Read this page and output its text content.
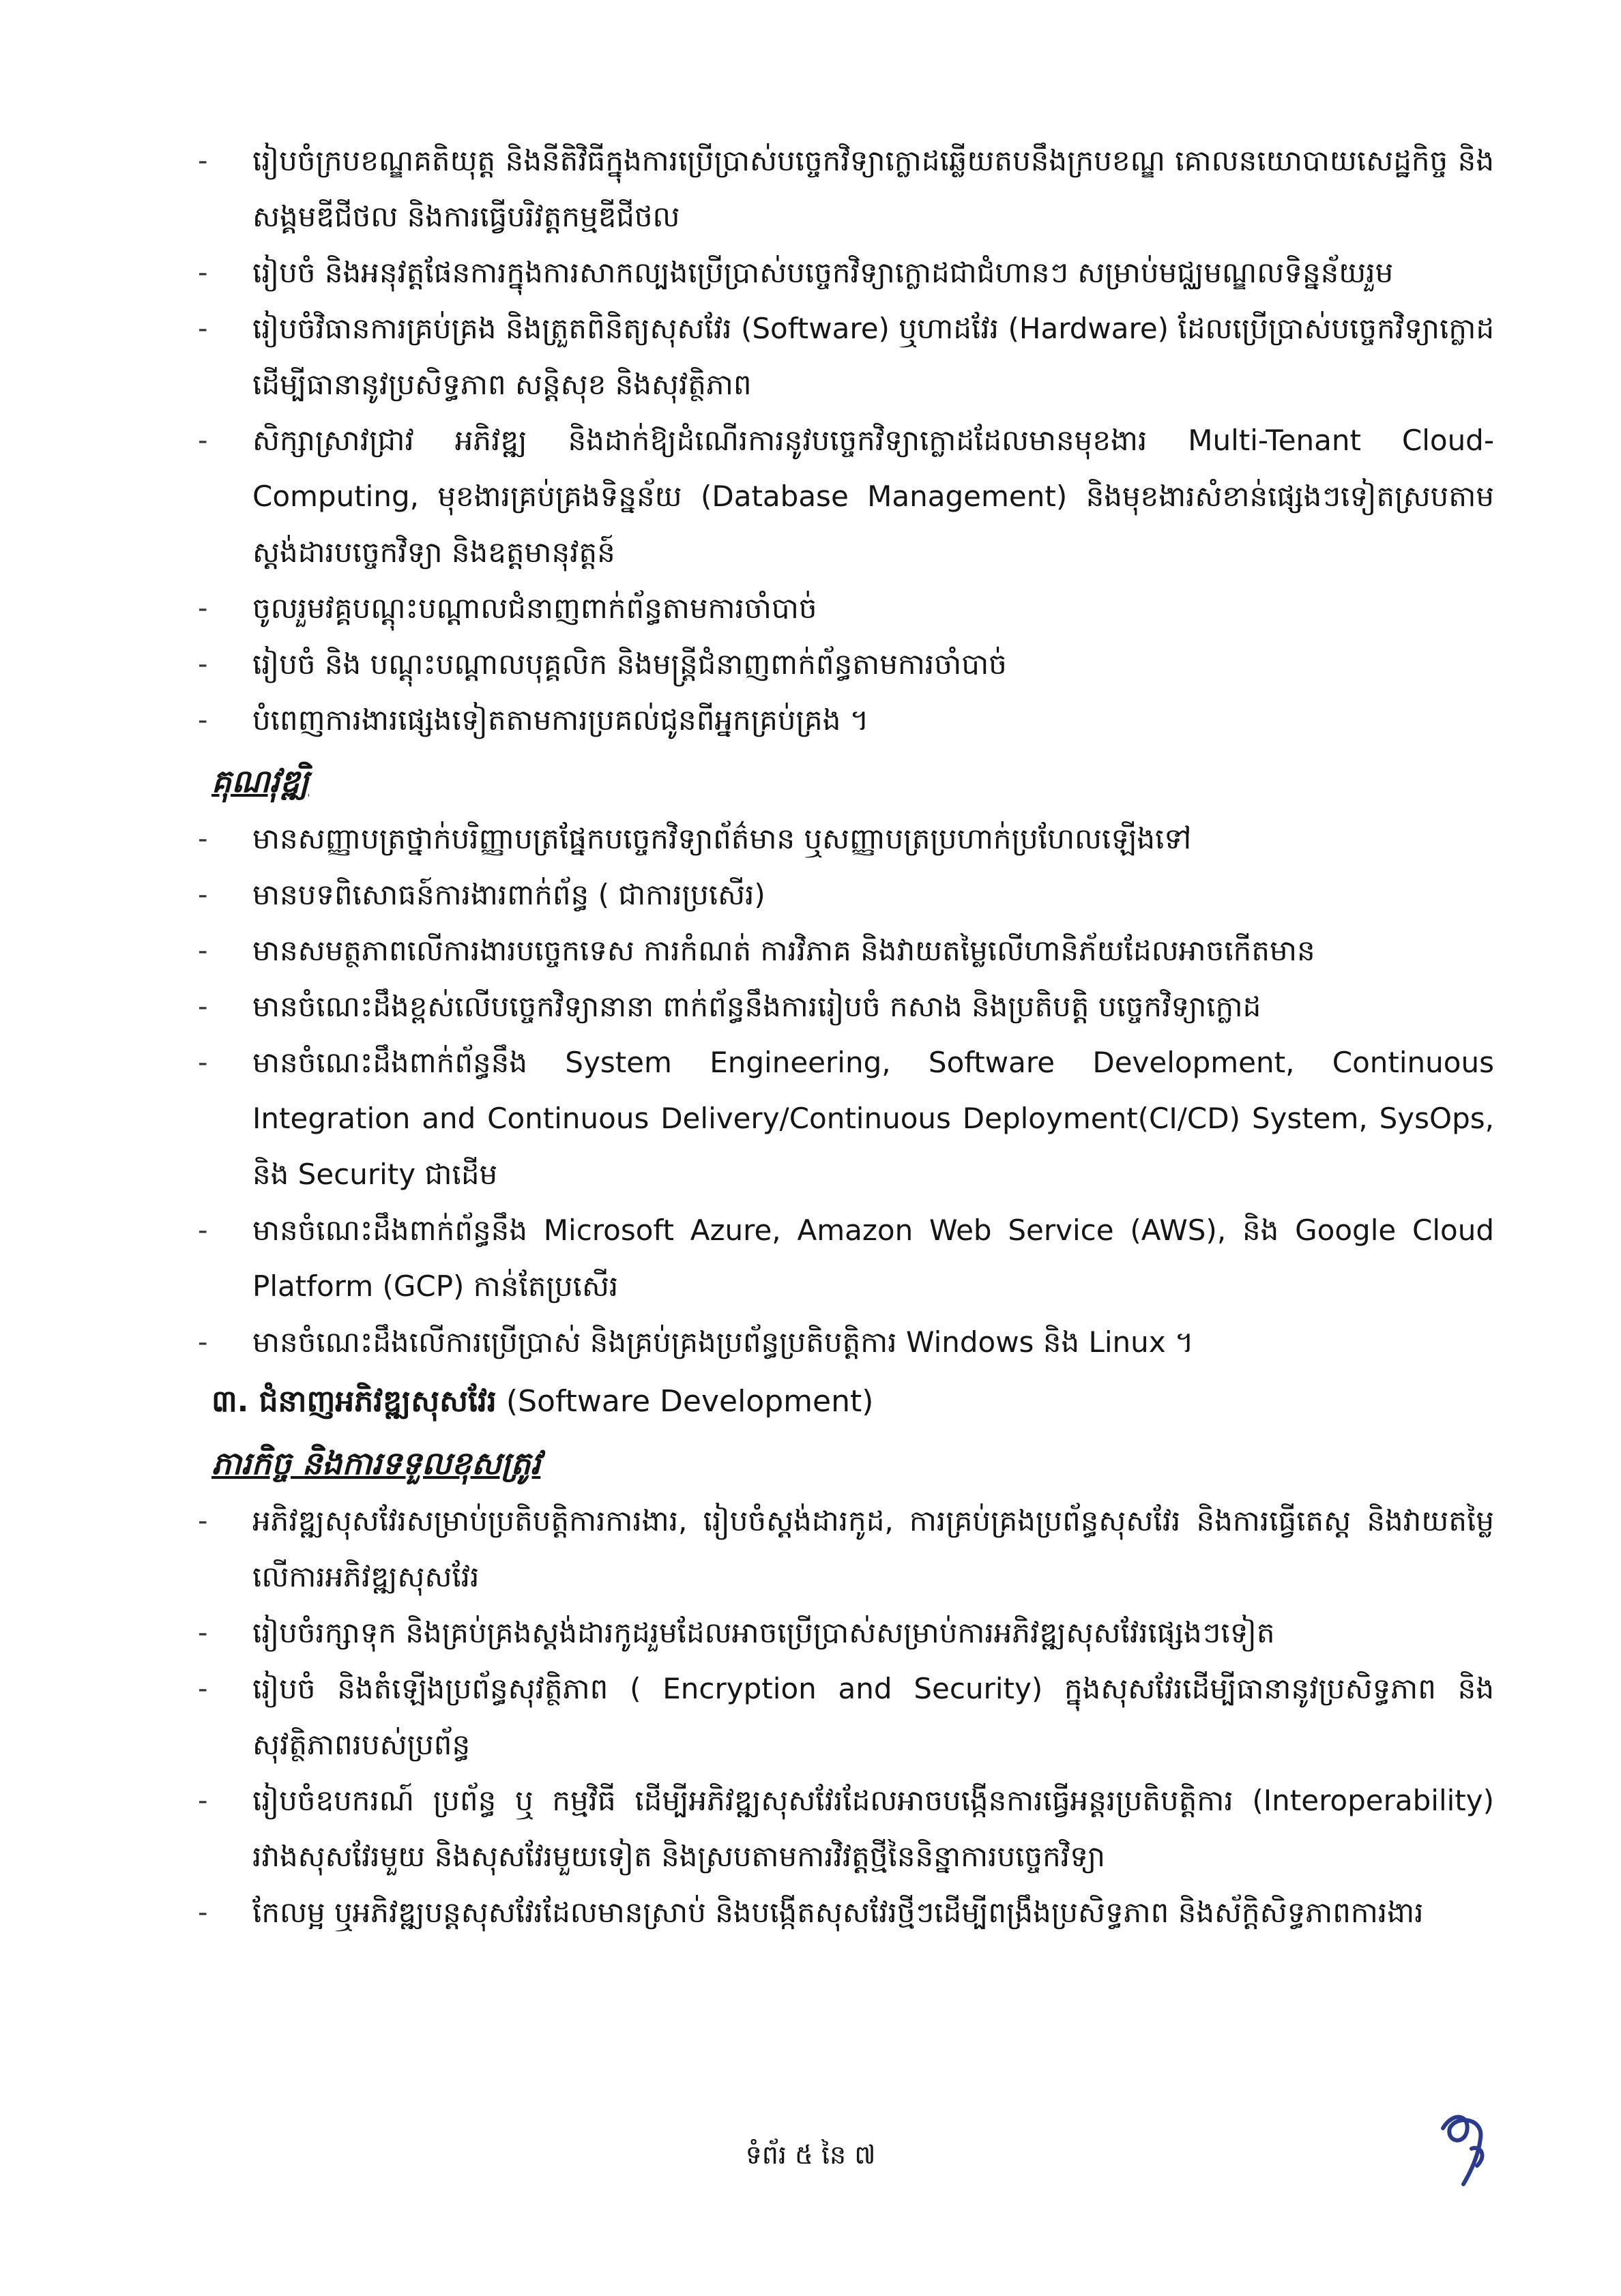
-	រៀបចំក្របខណ្ឌគតិយុត្ត និងនីតិវិធីក្នុងការប្រើប្រាស់បច្ចេកវិទ្យាក្លោដឆ្លើយតបនឹងក្របខណ្ឌ គោលនយោបាយសេដ្ឋកិច្ច និងសង្គមឌីជីថល និងការធ្វើបរិវត្តកម្មឌីជីថល
-	រៀបចំ និងអនុវត្តផែនការក្នុងការសាកល្បងប្រើប្រាស់បច្ចេកវិទ្យាក្លោដជាជំហានៗ សម្រាប់មជ្ឈមណ្ឌលទិន្នន័យរួម
-	រៀបចំវិធានការគ្រប់គ្រង និងត្រួតពិនិត្យសុសវែរ (Software) ឬហាដវែរ (Hardware) ដែលប្រើប្រាស់បច្ចេកវិទ្យាក្លោដ ដើម្បីធានានូវប្រសិទ្ធភាព សន្តិសុខ និងសុវត្ថិភាព
-	សិក្សាស្រាវជ្រាវ អភិវឌ្ឍ និងដាក់ឱ្យដំណើរការនូវបច្ចេកវិទ្យាក្លោដដែលមានមុខងារ Multi-Tenant Cloud-Computing, មុខងារគ្រប់គ្រងទិន្នន័យ (Database Management) និងមុខងារសំខាន់ផ្សេងៗទៀតស្របតាមស្តង់ដារបច្ចេកវិទ្យា និងឧត្តមានុវត្តន៍
-	ចូលរួមវគ្គបណ្តុះបណ្តាលជំនាញពាក់ព័ន្ធតាមការចាំបាច់
-	រៀបចំ និង បណ្តុះបណ្តាលបុគ្គលិក និងមន្ត្រីជំនាញពាក់ព័ន្ធតាមការចាំបាច់
-	បំពេញការងារផ្សេងទៀតតាមការប្រគល់ជូនពីអ្នកគ្រប់គ្រង ។
គុណវុឌ្ឍិ
-	មានសញ្ញាបត្រថ្នាក់បរិញ្ញាបត្រផ្នែកបច្ចេកវិទ្យាព័ត៌មាន ឬសញ្ញាបត្រប្រហាក់ប្រហែលឡើងទៅ
-	មានបទពិសោធន៍ការងារពាក់ព័ន្ធ ( ជាការប្រសើរ)
-	មានសមត្ថភាពលើការងារបច្ចេកទេស ការកំណត់ ការវិភាគ និងវាយតម្លៃលើហានិភ័យដែលអាចកើតមាន
-	មានចំណេះដឹងខ្ពស់លើបច្ចេកវិទ្យានានា ពាក់ព័ន្ធនឹងការរៀបចំ កសាង និងប្រតិបត្តិ បច្ចេកវិទ្យាក្លោដ
-	មានចំណេះដឹងពាក់ព័ន្ធនឹង System Engineering, Software Development, Continuous Integration and Continuous Delivery/Continuous Deployment(CI/CD) System, SysOps, និង Security ជាដើម
-	មានចំណេះដឹងពាក់ព័ន្ធនឹង Microsoft Azure, Amazon Web Service (AWS), និង Google Cloud Platform (GCP) កាន់តែប្រសើរ
-	មានចំណេះដឹងលើការប្រើប្រាស់ និងគ្រប់គ្រងប្រព័ន្ធប្រតិបត្តិការ Windows និង Linux ។
៣. ជំនាញអភិវឌ្ឍសុសវែរ (Software Development)
ភារកិច្ច និងការទទួលខុសត្រូវ
-	អភិវឌ្ឍសុសវែរសម្រាប់ប្រតិបត្តិការការងារ, រៀបចំស្តង់ដារកូដ, ការគ្រប់គ្រងប្រព័ន្ធសុសវែរ និងការធ្វើតេស្ត និងវាយតម្លៃលើការអភិវឌ្ឍសុសវែរ
-	រៀបចំរក្សាទុក និងគ្រប់គ្រងស្តង់ដារកូដរួមដែលអាចប្រើប្រាស់សម្រាប់ការអភិវឌ្ឍសុសវែរផ្សេងៗទៀត
-	រៀបចំ និងតំឡើងប្រព័ន្ធសុវត្ថិភាព ( Encryption and Security) ក្នុងសុសវែរដើម្បីធានានូវប្រសិទ្ធភាព និងសុវត្ថិភាពរបស់ប្រព័ន្ធ
-	រៀបចំឧបករណ៍ ប្រព័ន្ធ ឬ កម្មវិធី ដើម្បីអភិវឌ្ឍសុសវែរដែលអាចបង្កើនការធ្វើអន្តរប្រតិបត្តិការ (Interoperability) រវាងសុសវែរមួយ និងសុសវែរមួយទៀត និងស្របតាមការវិវត្តថ្មីនៃនិន្នាការបច្ចេកវិទ្យា
-	កែលម្អ ឬអភិវឌ្ឍបន្តសុសវែរដែលមានស្រាប់ និងបង្កើតសុសវែរថ្មីៗដើម្បីពង្រឹងប្រសិទ្ធភាព និងស័ក្តិសិទ្ធភាពការងារ
ទំព័រ ៥ នៃ ៧
